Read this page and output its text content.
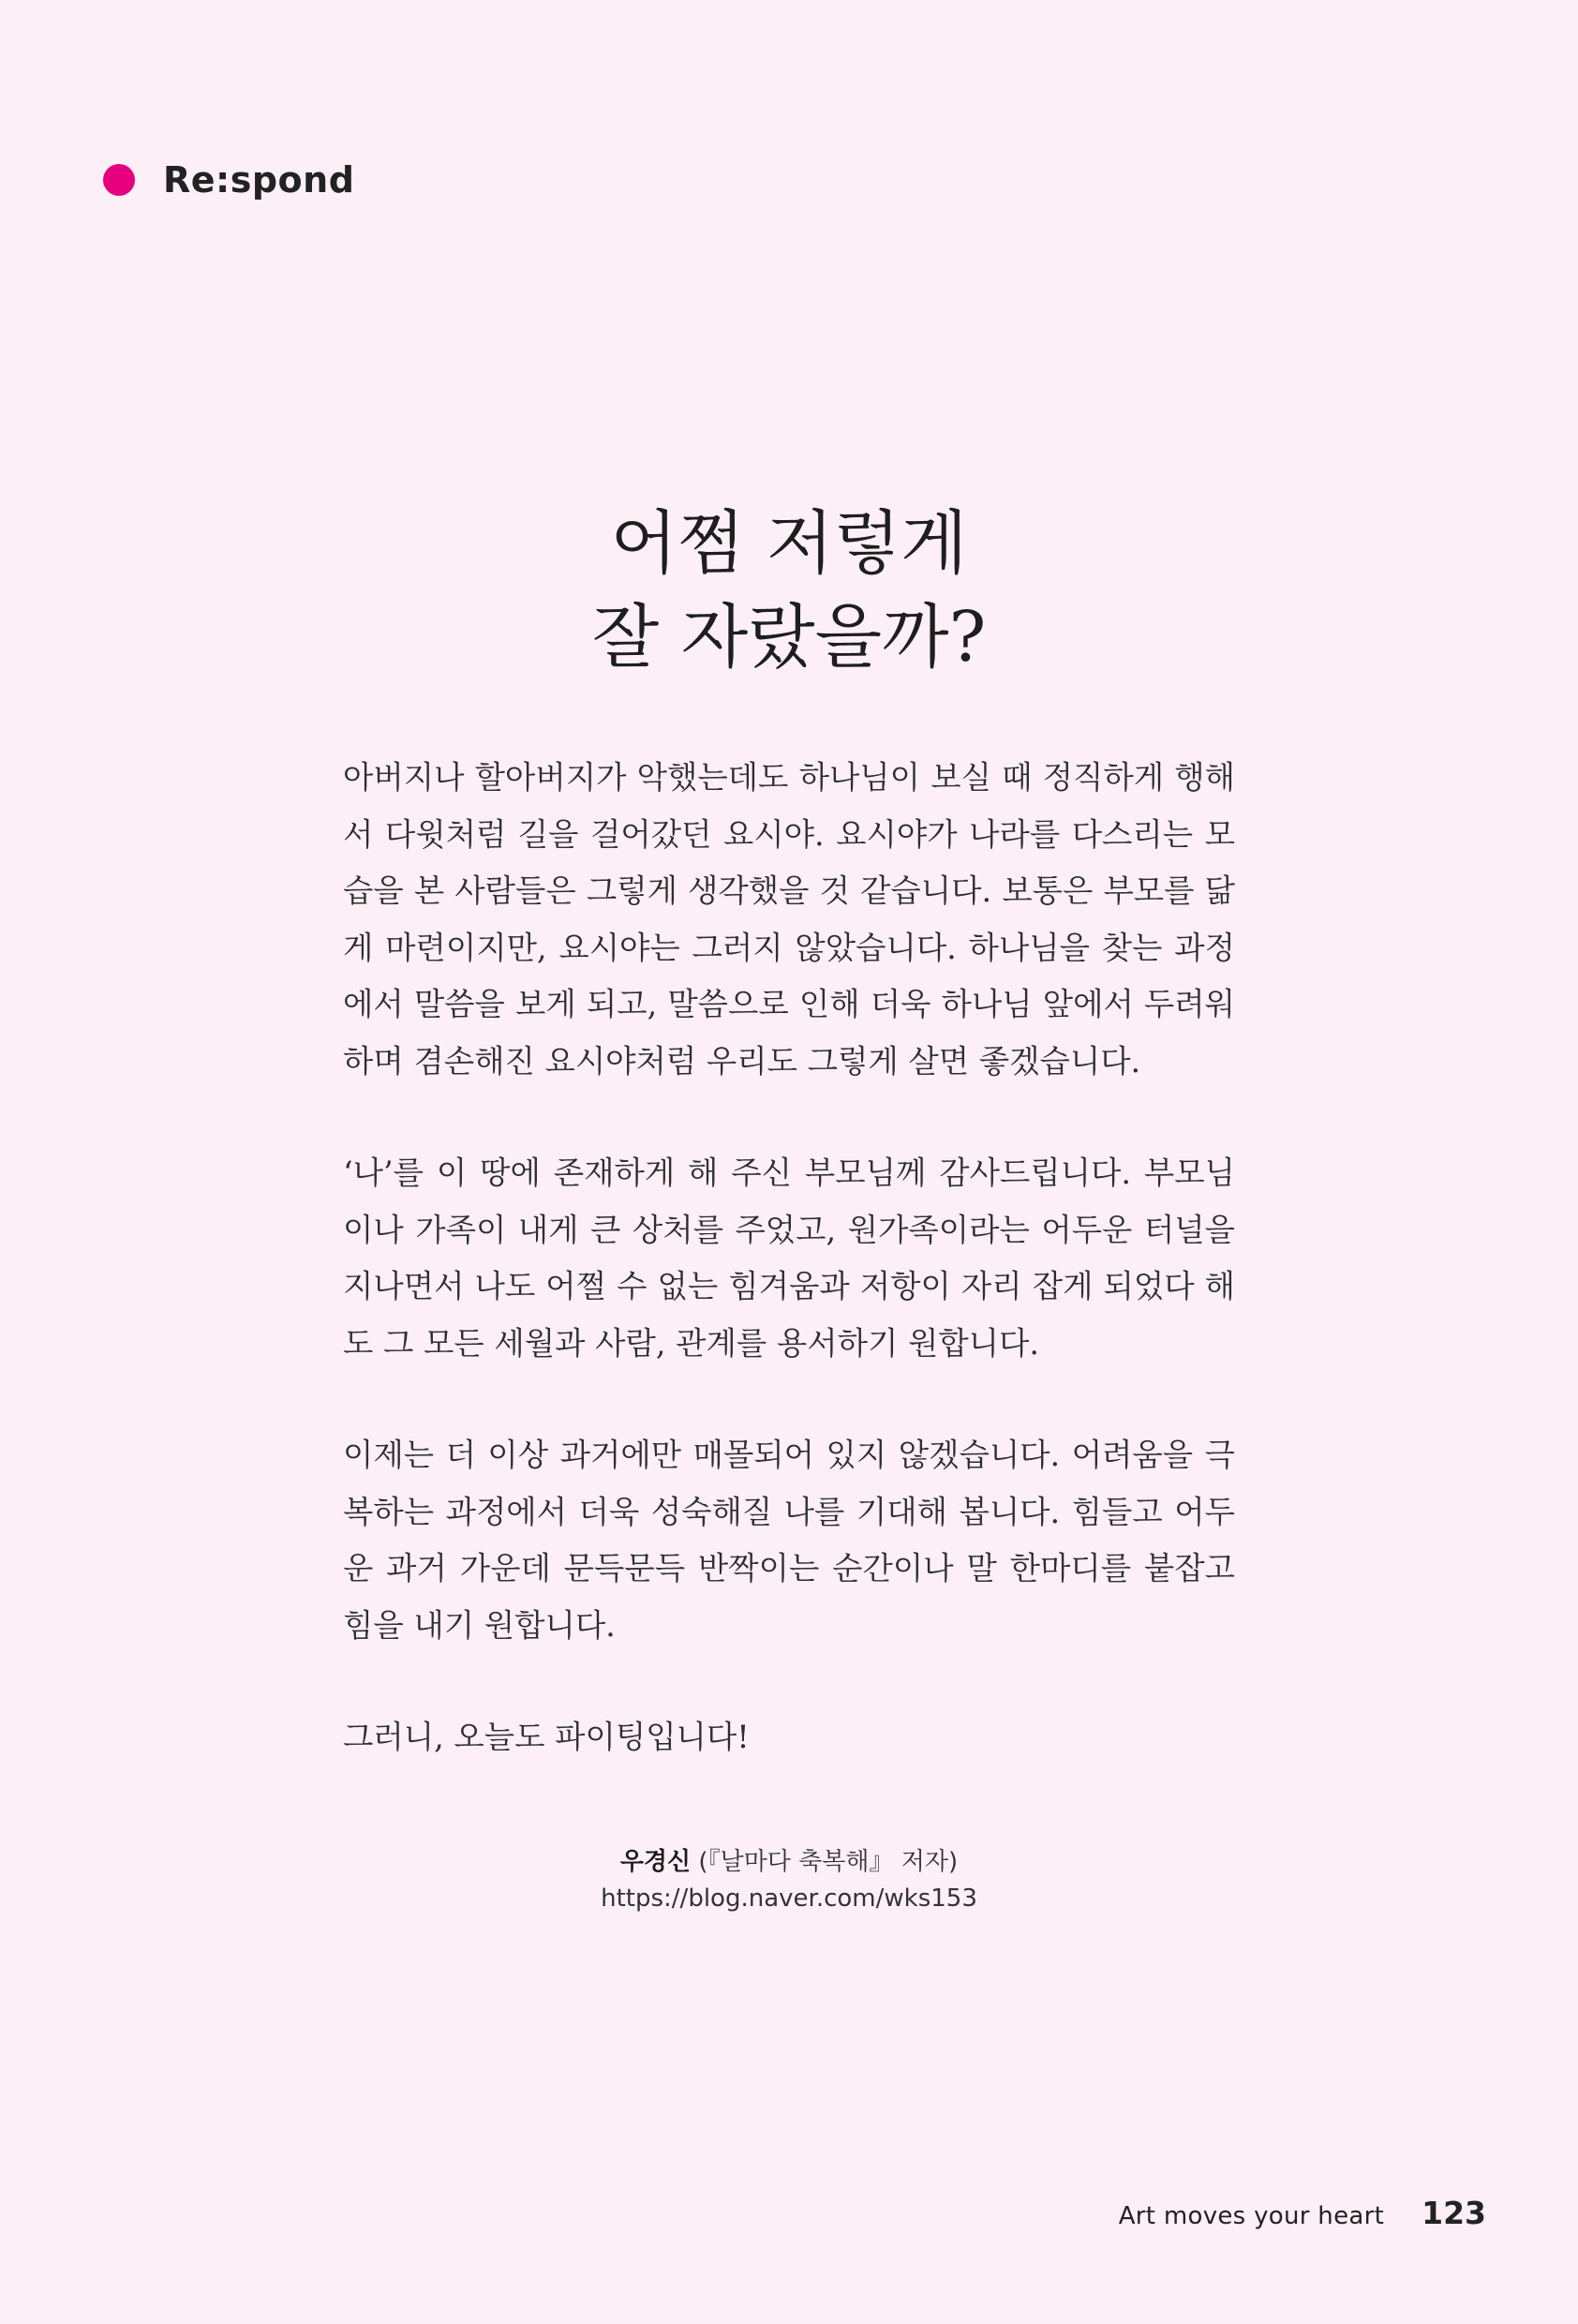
Re:spond
어쩜 저렇게
잘 자랐을까?

아버지나 할아버지가 악했는데도 하나님이 보실 때 정직하게 행해서 다윗처럼 길을 걸어갔던 요시야. 요시야가 나라를 다스리는 모습을 본 사람들은 그렇게 생각했을 것 같습니다. 보통은 부모를 닮게 마련이지만, 요시야는 그러지 않았습니다. 하나님을 찾는 과정에서 말씀을 보게 되고, 말씀으로 인해 더욱 하나님 앞에서 두려워하며 겸손해진 요시야처럼 우리도 그렇게 살면 좋겠습니다.

‘나’를 이 땅에 존재하게 해 주신 부모님께 감사드립니다. 부모님이나 가족이 내게 큰 상처를 주었고, 원가족이라는 어두운 터널을 지나면서 나도 어쩔 수 없는 힘겨움과 저항이 자리 잡게 되었다 해도 그 모든 세월과 사람, 관계를 용서하기 원합니다.

이제는 더 이상 과거에만 매몰되어 있지 않겠습니다. 어려움을 극복하는 과정에서 더욱 성숙해질 나를 기대해 봅니다. 힘들고 어두운 과거 가운데 문득문득 반짝이는 순간이나 말 한마디를 붙잡고 힘을 내기 원합니다.

그러니, 오늘도 파이팅입니다!

우경신 (『날마다 축복해』 저자)
https://blog.naver.com/wks153
Art moves your heart 123
